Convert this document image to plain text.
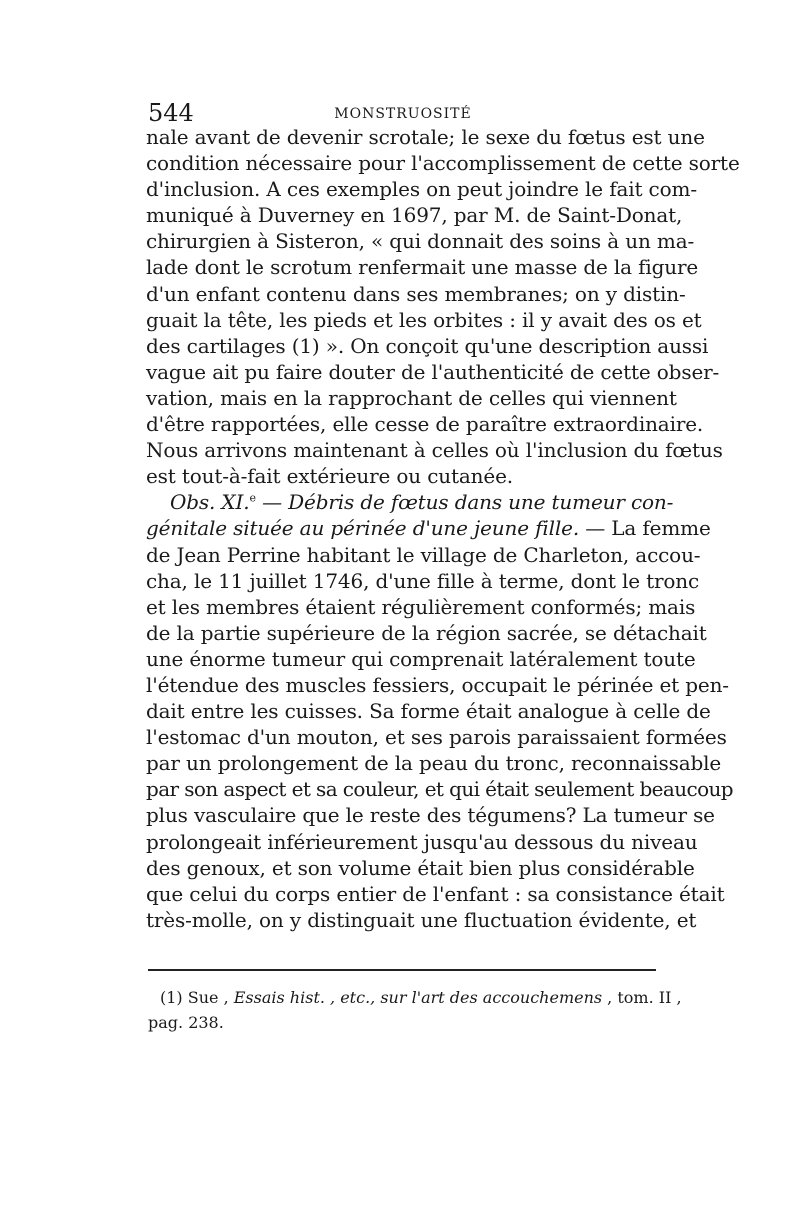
544	MONSTRUOSITÉ
nale avant de devenir scrotale; le sexe du fœtus est une
condition nécessaire pour l'accomplissement de cette sorte
d'inclusion. A ces exemples on peut joindre le fait com-
muniqué à Duverney en 1697, par M. de Saint-Donat,
chirurgien à Sisteron, « qui donnait des soins à un ma-
lade dont le scrotum renfermait une masse de la figure
d'un enfant contenu dans ses membranes; on y distin-
guait la tête, les pieds et les orbites : il y avait des os et
des cartilages (1) ». On conçoit qu'une description aussi
vague ait pu faire douter de l'authenticité de cette obser-
vation, mais en la rapprochant de celles qui viennent
d'être rapportées, elle cesse de paraître extraordinaire.
Nous arrivons maintenant à celles où l'inclusion du fœtus
est tout-à-fait extérieure ou cutanée.
Obs. XI.$^e$ — Débris de fœtus dans une tumeur con-
génitale située au périnée d'une jeune fille. — La femme
de Jean Perrine habitant le village de Charleton, accou-
cha, le 11 juillet 1746, d'une fille à terme, dont le tronc
et les membres étaient régulièrement conformés; mais
de la partie supérieure de la région sacrée, se détachait
une énorme tumeur qui comprenait latéralement toute
l'étendue des muscles fessiers, occupait le périnée et pen-
dait entre les cuisses. Sa forme était analogue à celle de
l'estomac d'un mouton, et ses parois paraissaient formées
par un prolongement de la peau du tronc, reconnaissable
par son aspect et sa couleur, et qui était seulement beaucoup
plus vasculaire que le reste des tégumens? La tumeur se
prolongeait inférieurement jusqu'au dessous du niveau
des genoux, et son volume était bien plus considérable
que celui du corps entier de l'enfant : sa consistance était
très-molle, on y distinguait une fluctuation évidente, et
(1) Sue , Essais hist. , etc., sur l'art des accouchemens , tom. II ,
pag. 238.
